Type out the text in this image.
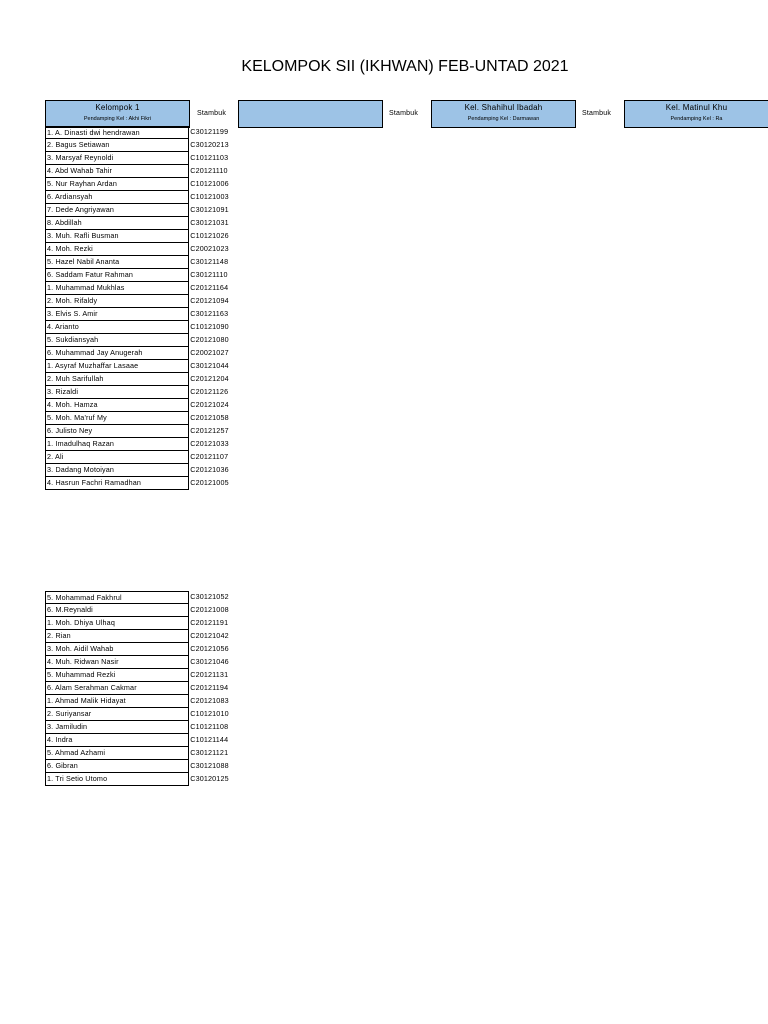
KELOMPOK SII (IKHWAN) FEB-UNTAD 2021
Kelompok 1
Pendamping Kel : Akhi Fikri
Stambuk	Stambuk
Kel. Shahihul Ibadah
Pendamping Kel : Darmawan
Stambuk
Kel. Matinul Khu
Pendamping Kel : Ra
1. A. Dinasti dwi hendrawan	C30121199
2. Bagus Setiawan	C30120213
3. Marsyaf Reynoldi	C10121103
4. Abd Wahab Tahir	C20121110
5. Nur Rayhan Ardan	C10121006
6. Ardiansyah	C10121003
7. Dede Angriyawan	C30121091
8. Abdillah	C30121031
3. Muh. Rafli Busman	C10121026
4. Moh. Rezki	C20021023
5. Hazel Nabil Ananta	C30121148
6. Saddam Fatur Rahman	C30121110
1. Muhammad Mukhlas	C20121164
2. Moh. Rifaldy	C20121094
3. Elvis S. Amir	C30121163
4. Arianto	C10121090
5. Sukdiansyah	C20121080
6. Muhammad Jay Anugerah	C20021027
1. Asyraf Muzhaffar Lasaae	C30121044
2. Muh Sarifullah	C20121204
3. Rizaldi	C20121126
4. Moh. Hamza	C20121024
5. Moh. Ma'ruf My	C20121058
6. Julisto Ney	C20121257
1. Imadulhaq Razan	C20121033
2. Ali	C20121107
3. Dadang Motoiyan	C20121036
4. Hasrun Fachri Ramadhan	C20121005
5. Mohammad Fakhrul	C30121052
6. M.Reynaldi	C20121008
1. Moh. Dhiya Ulhaq	C20121191
2. Rian	C20121042
3. Moh. Aidil Wahab	C20121056
4. Muh. Ridwan Nasir	C30121046
5. Muhammad Rezki	C20121131
6. Alam Serahman Cakmar	C20121194
1. Ahmad Malik Hidayat	C20121083
2. Suriyansar	C10121010
3. Jamiludin	C10121108
4. Indra	C10121144
5. Ahmad Azhami	C30121121
6. Gibran	C30121088
1. Tri Setio Utomo	C30120125
